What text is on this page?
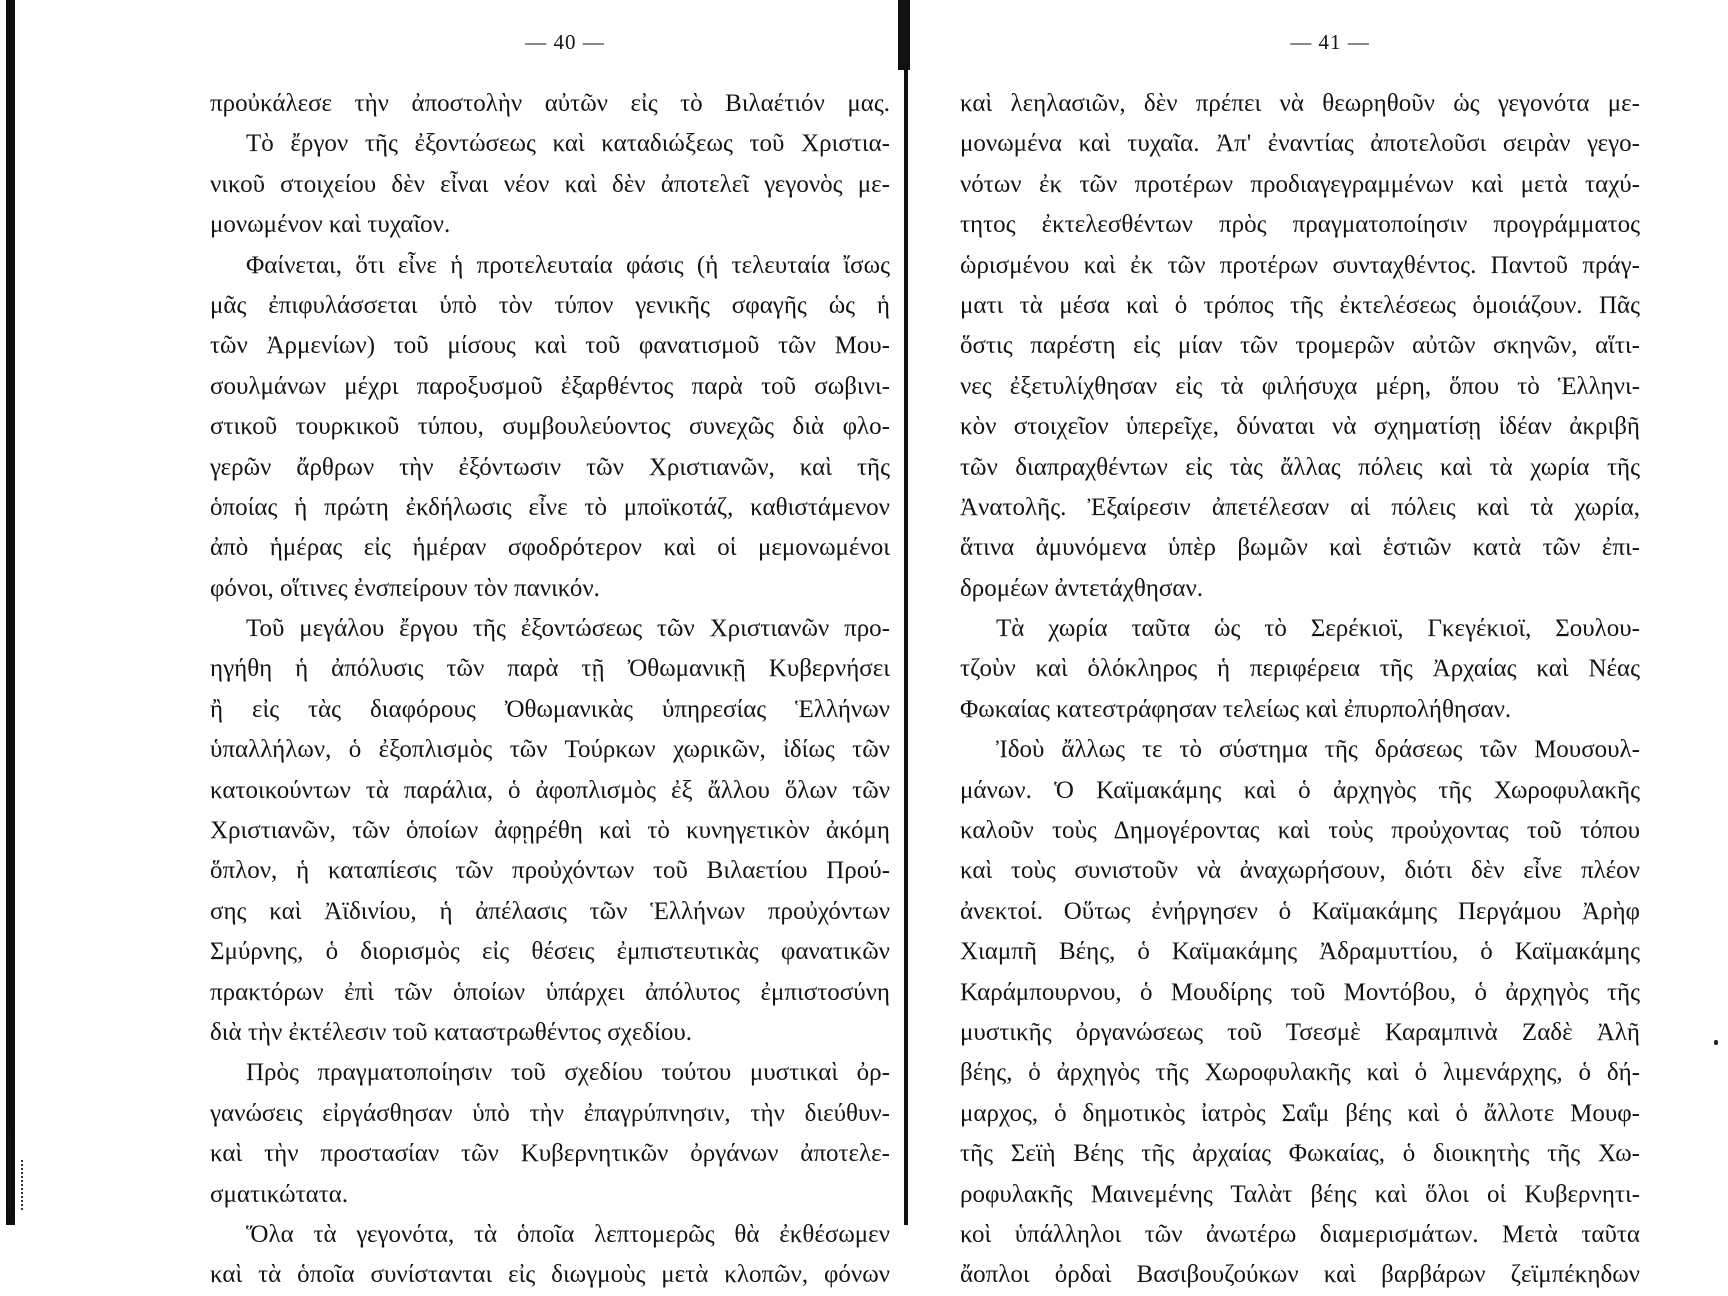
— 40 —
προὐκάλεσε τὴν ἀποστολὴν αὐτῶν εἰς τὸ Βιλαέτιόν μας.
Τὸ ἔργον τῆς ἐξοντώσεως καὶ καταδιώξεως τοῦ Χριστια-
νικοῦ στοιχείου δὲν εἶναι νέον καὶ δὲν ἀποτελεῖ γεγονὸς με-
μονωμένον καὶ τυχαῖον.
Φαίνεται, ὅτι εἶνε ἡ προτελευταία φάσις (ἡ τελευταία ἴσως
μᾶς ἐπιφυλάσσεται ὑπὸ τὸν τύπον γενικῆς σφαγῆς ὡς ἡ
τῶν Ἀρμενίων) τοῦ μίσους καὶ τοῦ φανατισμοῦ τῶν Μου-
σουλμάνων μέχρι παροξυσμοῦ ἐξαρθέντος παρὰ τοῦ σωβινι-
στικοῦ τουρκικοῦ τύπου, συμβουλεύοντος συνεχῶς διὰ φλο-
γερῶν ἄρθρων τὴν ἐξόντωσιν τῶν Χριστιανῶν, καὶ τῆς
ὁποίας ἡ πρώτη ἐκδήλωσις εἶνε τὸ μποϊκοτάζ, καθιστάμενον
ἀπὸ ἡμέρας εἰς ἡμέραν σφοδρότερον καὶ οἱ μεμονωμένοι
φόνοι, οἵτινες ἐνσπείρουν τὸν πανικόν.
Τοῦ μεγάλου ἔργου τῆς ἐξοντώσεως τῶν Χριστιανῶν προ-
ηγήθη ἡ ἀπόλυσις τῶν παρὰ τῇ Ὀθωμανικῇ Κυβερνήσει
ἢ εἰς τὰς διαφόρους Ὀθωμανικὰς ὑπηρεσίας Ἑλλήνων
ὑπαλλήλων, ὁ ἐξοπλισμὸς τῶν Τούρκων χωρικῶν, ἰδίως τῶν
κατοικούντων τὰ παράλια, ὁ ἀφοπλισμὸς ἐξ ἄλλου ὅλων τῶν
Χριστιανῶν, τῶν ὁποίων ἀφῃρέθη καὶ τὸ κυνηγετικὸν ἀκόμη
ὅπλον, ἡ καταπίεσις τῶν προὐχόντων τοῦ Βιλαετίου Πρού-
σης καὶ Ἀϊδινίου, ἡ ἀπέλασις τῶν Ἑλλήνων προὐχόντων
Σμύρνης, ὁ διορισμὸς εἰς θέσεις ἐμπιστευτικὰς φανατικῶν
πρακτόρων ἐπὶ τῶν ὁποίων ὑπάρχει ἀπόλυτος ἐμπιστοσύνη
διὰ τὴν ἐκτέλεσιν τοῦ καταστρωθέντος σχεδίου.
Πρὸς πραγματοποίησιν τοῦ σχεδίου τούτου μυστικαὶ ὀρ-
γανώσεις εἰργάσθησαν ὑπὸ τὴν ἐπαγρύπνησιν, τὴν διεύθυν-
καὶ τὴν προστασίαν τῶν Κυβερνητικῶν ὀργάνων ἀποτελε-
σματικώτατα.
Ὅλα τὰ γεγονότα, τὰ ὁποῖα λεπτομερῶς θὰ ἐκθέσωμεν
καὶ τὰ ὁποῖα συνίστανται εἰς διωγμοὺς μετὰ κλοπῶν, φόνων
— 41 —
καὶ λεηλασιῶν, δὲν πρέπει νὰ θεωρηθοῦν ὡς γεγονότα με-
μονωμένα καὶ τυχαῖα. Ἀπ' ἐναντίας ἀποτελοῦσι σειρὰν γεγο-
νότων ἐκ τῶν προτέρων προδιαγεγραμμένων καὶ μετὰ ταχύ-
τητος ἐκτελεσθέντων πρὸς πραγματοποίησιν προγράμματος
ὡρισμένου καὶ ἐκ τῶν προτέρων συνταχθέντος. Παντοῦ πράγ-
ματι τὰ μέσα καὶ ὁ τρόπος τῆς ἐκτελέσεως ὁμοιάζουν. Πᾶς
ὅστις παρέστη εἰς μίαν τῶν τρομερῶν αὐτῶν σκηνῶν, αἵτι-
νες ἐξετυλίχθησαν εἰς τὰ φιλήσυχα μέρη, ὅπου τὸ Ἑλληνι-
κὸν στοιχεῖον ὑπερεῖχε, δύναται νὰ σχηματίσῃ ἰδέαν ἀκριβῆ
τῶν διαπραχθέντων εἰς τὰς ἄλλας πόλεις καὶ τὰ χωρία τῆς
Ἀνατολῆς. Ἐξαίρεσιν ἀπετέλεσαν αἱ πόλεις καὶ τὰ χωρία,
ἅτινα ἀμυνόμενα ὑπὲρ βωμῶν καὶ ἑστιῶν κατὰ τῶν ἐπι-
δρομέων ἀντετάχθησαν.
Τὰ χωρία ταῦτα ὡς τὸ Σερέκιοϊ, Γκεγέκιοϊ, Σουλου-
τζοὺν καὶ ὁλόκληρος ἡ περιφέρεια τῆς Ἀρχαίας καὶ Νέας
Φωκαίας κατεστράφησαν τελείως καὶ ἐπυρπολήθησαν.
Ἰδοὺ ἄλλως τε τὸ σύστημα τῆς δράσεως τῶν Μουσουλ-
μάνων. Ὁ Καϊμακάμης καὶ ὁ ἀρχηγὸς τῆς Χωροφυλακῆς
καλοῦν τοὺς Δημογέροντας καὶ τοὺς προὐχοντας τοῦ τόπου
καὶ τοὺς συνιστοῦν νὰ ἀναχωρήσουν, διότι δὲν εἶνε πλέον
ἀνεκτοί. Οὕτως ἐνήργησεν ὁ Καϊμακάμης Περγάμου Ἀρὴφ
Χιαμπῆ Βέης, ὁ Καϊμακάμης Ἀδραμυττίου, ὁ Καϊμακάμης
Καράμπουρνου, ὁ Μουδίρης τοῦ Μοντόβου, ὁ ἀρχηγὸς τῆς
μυστικῆς ὀργανώσεως τοῦ Τσεσμὲ Καραμπινὰ Ζαδὲ Ἀλῆ
βέης, ὁ ἀρχηγὸς τῆς Χωροφυλακῆς καὶ ὁ λιμενάρχης, ὁ δή-
μαρχος, ὁ δημοτικὸς ἰατρὸς Σαΐμ βέης καὶ ὁ ἄλλοτε Μουφ-
τῆς Σεϊὴ Βέης τῆς ἀρχαίας Φωκαίας, ὁ διοικητὴς τῆς Χω-
ροφυλακῆς Μαινεμένης Ταλὰτ βέης καὶ ὅλοι οἱ Κυβερνητι-
κοὶ ὑπάλληλοι τῶν ἀνωτέρω διαμερισμάτων. Μετὰ ταῦτα
ἄοπλοι ὀρδαὶ Βασιβουζούκων καὶ βαρβάρων ζεϊμπέκηδων
